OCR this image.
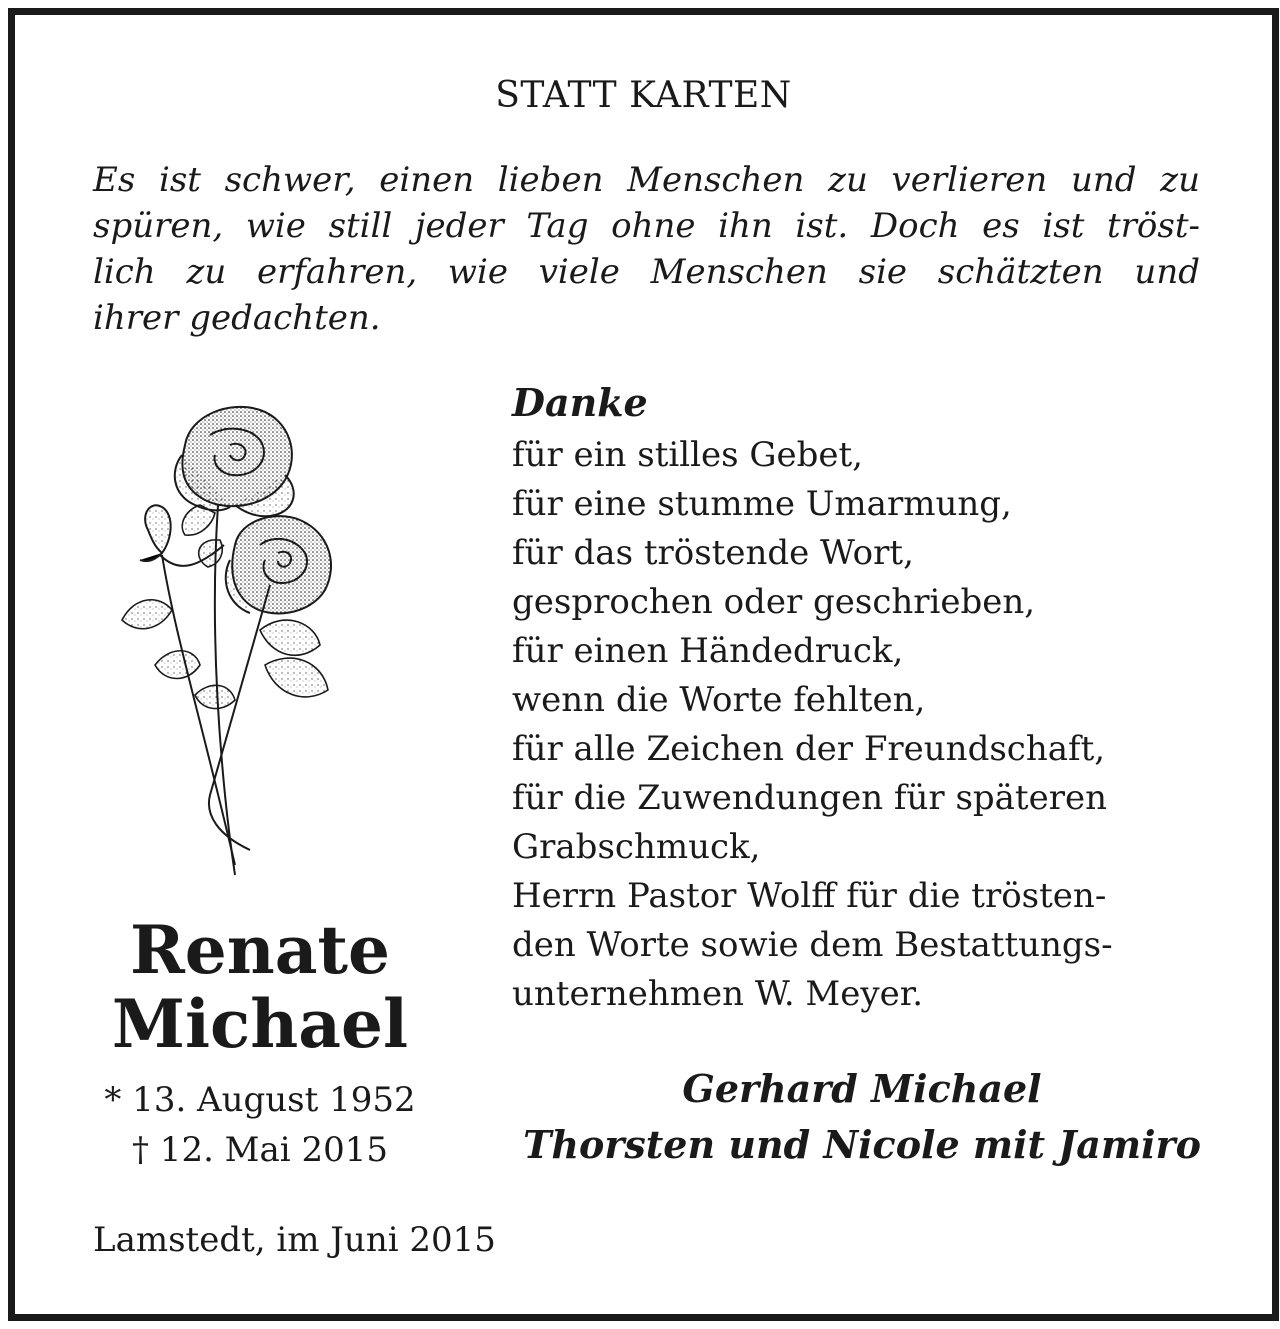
STATT KARTEN
Es ist schwer, einen lieben Menschen zu verlieren und zu
spüren, wie still jeder Tag ohne ihn ist. Doch es ist tröst-
lich zu erfahren, wie viele Menschen sie schätzten und
ihrer gedachten.
Renate
Michael
* 13. August 1952
† 12. Mai 2015
Danke
für ein stilles Gebet,
für eine stumme Umarmung,
für das tröstende Wort,
gesprochen oder geschrieben,
für einen Händedruck,
wenn die Worte fehlten,
für alle Zeichen der Freundschaft,
für die Zuwendungen für späteren
Grabschmuck,
Herrn Pastor Wolff für die trösten-
den Worte sowie dem Bestattungs-
unternehmen W. Meyer.
Gerhard Michael
Thorsten und Nicole mit Jamiro
Lamstedt, im Juni 2015
